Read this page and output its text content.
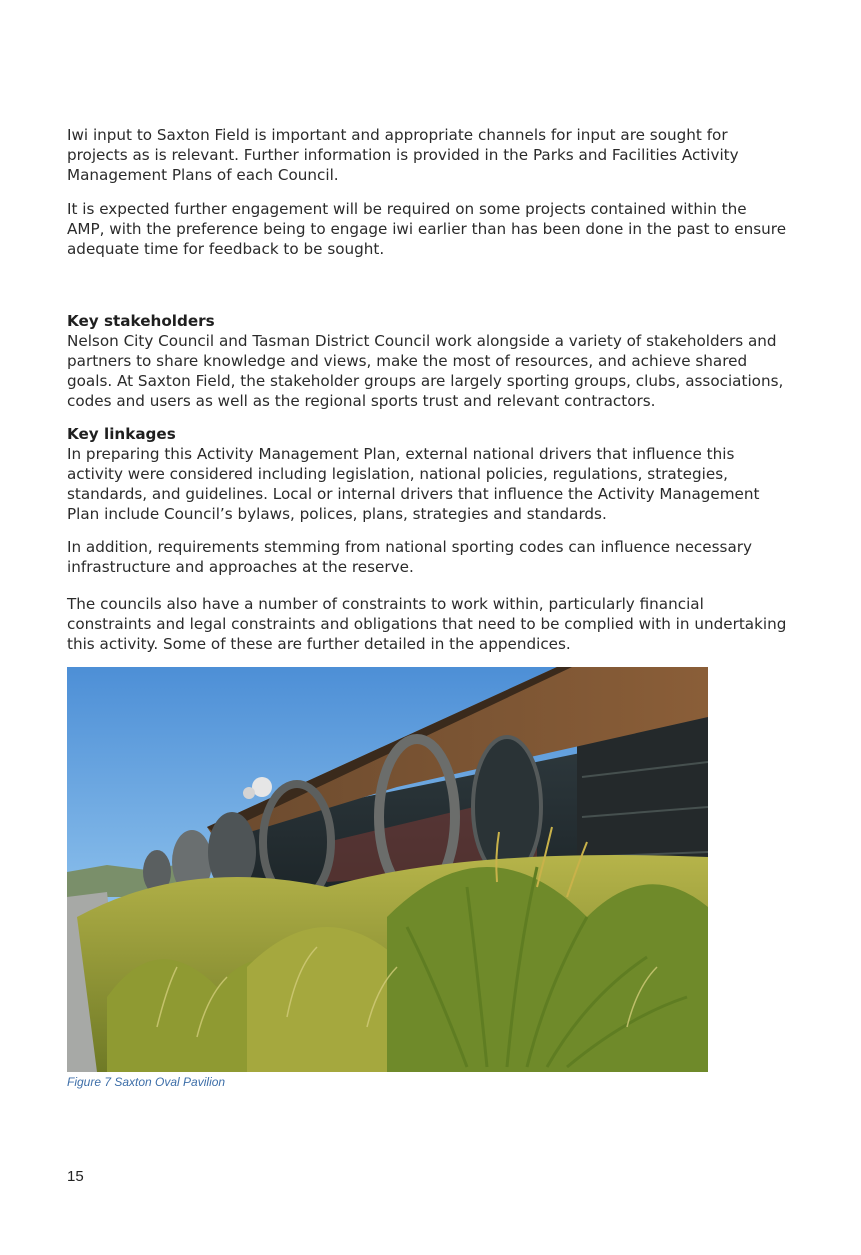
Iwi input to Saxton Field is important and appropriate channels for input are sought for projects as is relevant. Further information is provided in the Parks and Facilities Activity Management Plans of each Council.

It is expected further engagement will be required on some projects contained within the AMP, with the preference being to engage iwi earlier than has been done in the past to ensure adequate time for feedback to be sought.

Key stakeholders

Nelson City Council and Tasman District Council work alongside a variety of stakeholders and partners to share knowledge and views, make the most of resources, and achieve shared goals. At Saxton Field, the stakeholder groups are largely sporting groups, clubs, associations, codes and users as well as the regional sports trust and relevant contractors.

Key linkages

In preparing this Activity Management Plan, external national drivers that influence this activity were considered including legislation, national policies, regulations, strategies, standards, and guidelines. Local or internal drivers that influence the Activity Management Plan include Council’s bylaws, polices, plans, strategies and standards.

In addition, requirements stemming from national sporting codes can influence necessary infrastructure and approaches at the reserve.

The councils also have a number of constraints to work within, particularly financial constraints and legal constraints and obligations that need to be complied with in undertaking this activity. Some of these are further detailed in the appendices.

Figure 7 Saxton Oval Pavilion
15
